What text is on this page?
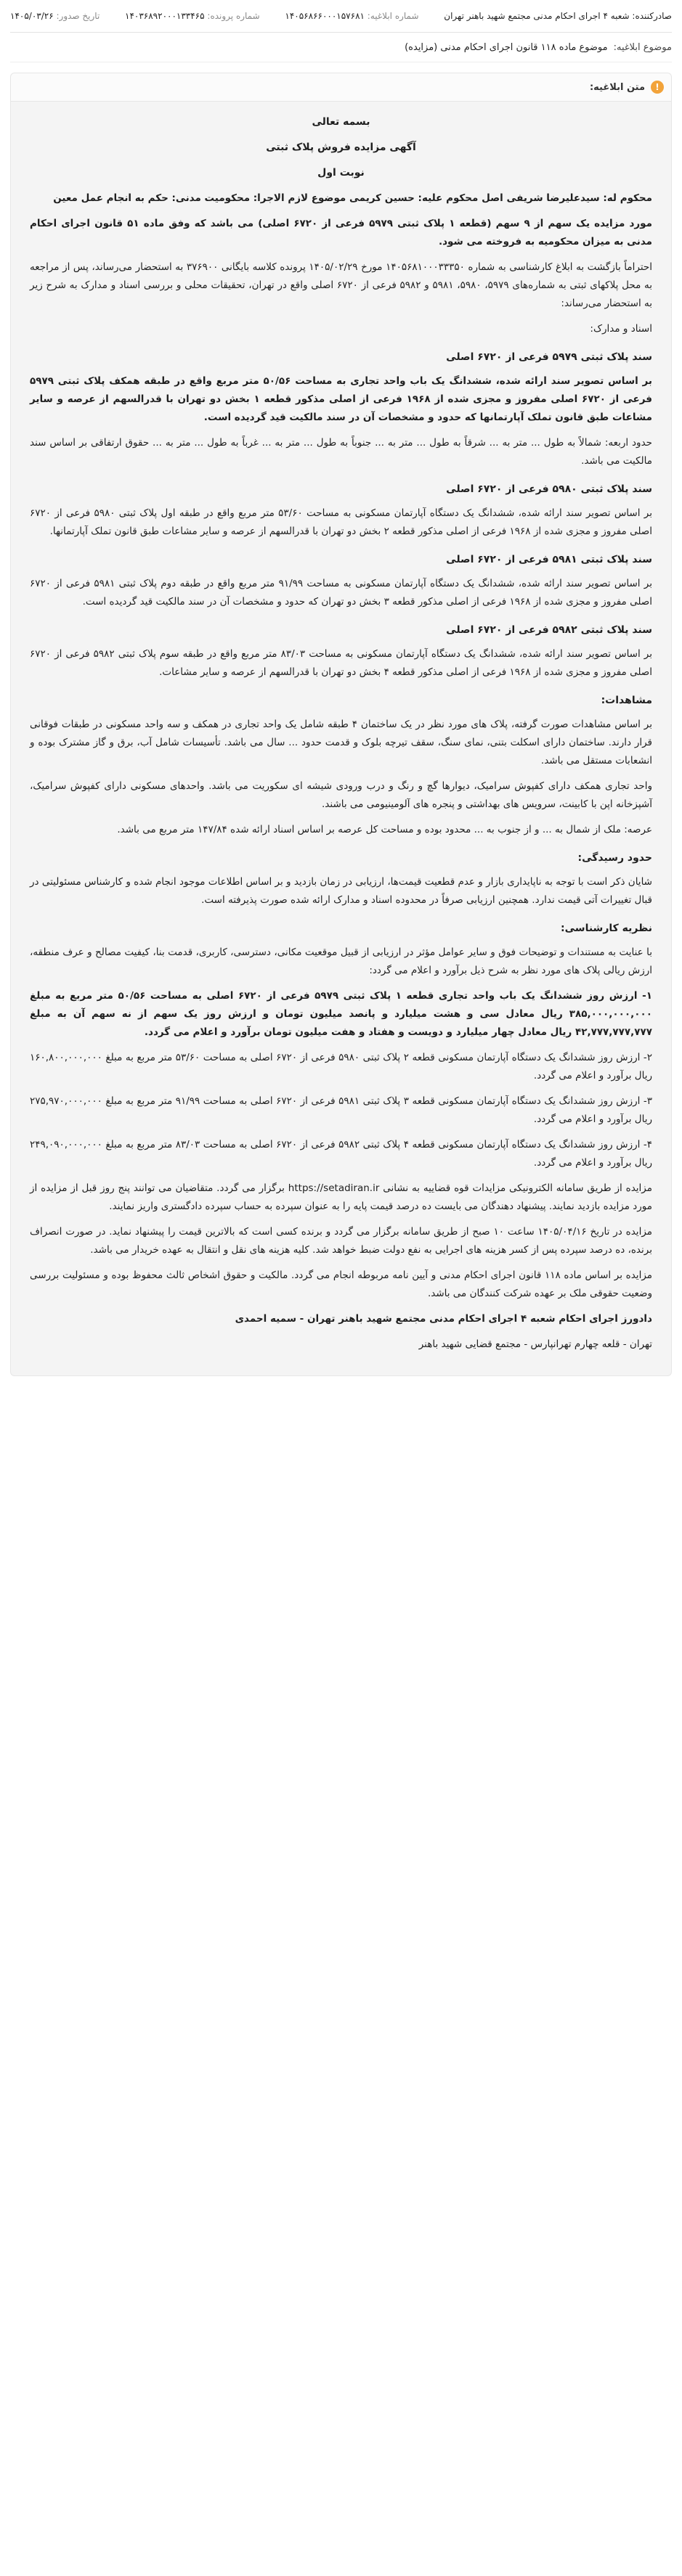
صادرکننده: شعبه ۴ اجرای احکام مدنی مجتمع شهید باهنر تهران
شماره ابلاغیه: ۱۴۰۵۶۸۶۶۰۰۰۱۵۷۶۸۱
شماره پرونده: ۱۴۰۳۶۸۹۲۰۰۰۱۳۳۴۶۵
تاریخ صدور: ۱۴۰۵/۰۳/۲۶
موضوع ابلاغیه:
موضوع ماده ۱۱۸ قانون اجرای احکام مدنی (مزایده)
!
متن ابلاغیه:

بسمه تعالی

آگهی مزایده فروش پلاک ثبتی

نوبت اول

محکوم له: سیدعلیرضا شریفی اصل محکوم علیه: حسین کریمی موضوع لازم الاجرا: محکومیت مدنی: حکم به انجام عمل معین

مورد مزایده یک سهم از ۹ سهم (قطعه ۱ پلاک ثبتی ۵۹۷۹ فرعی از ۶۷۲۰ اصلی) می باشد که وفق ماده ۵۱ قانون اجرای احکام مدنی به میزان محکومیه به فروخته می شود.

احتراماً بازگشت به ابلاغ کارشناسی به شماره ۱۴۰۵۶۸۱۰۰۰۳۳۳۵۰ مورخ ۱۴۰۵/۰۲/۲۹ پرونده کلاسه بایگانی ۳۷۶۹۰۰ به استحضار می‌رساند، پس از مراجعه به محل پلاکهای ثبتی به شماره‌های ۵۹۷۹، ۵۹۸۰، ۵۹۸۱ و ۵۹۸۲ فرعی از ۶۷۲۰ اصلی واقع در تهران، تحقیقات محلی و بررسی اسناد و مدارک به شرح زیر به استحضار می‌رساند:

اسناد و مدارک:

سند پلاک ثبتی ۵۹۷۹ فرعی از ۶۷۲۰ اصلی

بر اساس تصویر سند ارائه شده، ششدانگ یک باب واحد تجاری به مساحت ۵۰/۵۶ متر مربع واقع در طبقه همکف پلاک ثبتی ۵۹۷۹ فرعی از ۶۷۲۰ اصلی مفروز و مجزی شده از ۱۹۶۸ فرعی از اصلی مذکور قطعه ۱ بخش دو تهران با قدرالسهم از عرصه و سایر مشاعات طبق قانون تملک آپارتمانها که حدود و مشخصات آن در سند مالکیت قید گردیده است.

حدود اربعه: شمالاً به طول ... متر به ... شرقاً به طول ... متر به ... جنوباً به طول ... متر به ... غرباً به طول ... متر به ... حقوق ارتفاقی بر اساس سند مالکیت می باشد.

سند پلاک ثبتی ۵۹۸۰ فرعی از ۶۷۲۰ اصلی

بر اساس تصویر سند ارائه شده، ششدانگ یک دستگاه آپارتمان مسکونی به مساحت ۵۳/۶۰ متر مربع واقع در طبقه اول پلاک ثبتی ۵۹۸۰ فرعی از ۶۷۲۰ اصلی مفروز و مجزی شده از ۱۹۶۸ فرعی از اصلی مذکور قطعه ۲ بخش دو تهران با قدرالسهم از عرصه و سایر مشاعات طبق قانون تملک آپارتمانها.

سند پلاک ثبتی ۵۹۸۱ فرعی از ۶۷۲۰ اصلی

بر اساس تصویر سند ارائه شده، ششدانگ یک دستگاه آپارتمان مسکونی به مساحت ۹۱/۹۹ متر مربع واقع در طبقه دوم پلاک ثبتی ۵۹۸۱ فرعی از ۶۷۲۰ اصلی مفروز و مجزی شده از ۱۹۶۸ فرعی از اصلی مذکور قطعه ۳ بخش دو تهران که حدود و مشخصات آن در سند مالکیت قید گردیده است.

سند پلاک ثبتی ۵۹۸۲ فرعی از ۶۷۲۰ اصلی

بر اساس تصویر سند ارائه شده، ششدانگ یک دستگاه آپارتمان مسکونی به مساحت ۸۳/۰۳ متر مربع واقع در طبقه سوم پلاک ثبتی ۵۹۸۲ فرعی از ۶۷۲۰ اصلی مفروز و مجزی شده از ۱۹۶۸ فرعی از اصلی مذکور قطعه ۴ بخش دو تهران با قدرالسهم از عرصه و سایر مشاعات.

مشاهدات:

بر اساس مشاهدات صورت گرفته، پلاک های مورد نظر در یک ساختمان ۴ طبقه شامل یک واحد تجاری در همکف و سه واحد مسکونی در طبقات فوقانی قرار دارند. ساختمان دارای اسکلت بتنی، نمای سنگ، سقف تیرچه بلوک و قدمت حدود ... سال می باشد. تأسیسات شامل آب، برق و گاز مشترک بوده و انشعابات مستقل می باشد.

واحد تجاری همکف دارای کفپوش سرامیک، دیوارها گچ و رنگ و درب ورودی شیشه ای سکوریت می باشد. واحدهای مسکونی دارای کفپوش سرامیک، آشپزخانه اپن با کابینت، سرویس های بهداشتی و پنجره های آلومینیومی می باشند.

عرصه: ملک از شمال به ... و از جنوب به ... محدود بوده و مساحت کل عرصه بر اساس اسناد ارائه شده ۱۴۷/۸۴ متر مربع می باشد.

حدود رسیدگی:

شایان ذکر است با توجه به ناپایداری بازار و عدم قطعیت قیمت‌ها، ارزیابی در زمان بازدید و بر اساس اطلاعات موجود انجام شده و کارشناس مسئولیتی در قبال تغییرات آتی قیمت ندارد. همچنین ارزیابی صرفاً در محدوده اسناد و مدارک ارائه شده صورت پذیرفته است.

نظریه کارشناسی:

با عنایت به مستندات و توضیحات فوق و سایر عوامل مؤثر در ارزیابی از قبیل موقعیت مکانی، دسترسی، کاربری، قدمت بنا، کیفیت مصالح و عرف منطقه، ارزش ریالی پلاک های مورد نظر به شرح ذیل برآورد و اعلام می گردد:

۱- ارزش روز ششدانگ یک باب واحد تجاری قطعه ۱ پلاک ثبتی ۵۹۷۹ فرعی از ۶۷۲۰ اصلی به مساحت ۵۰/۵۶ متر مربع به مبلغ ۳۸۵,۰۰۰,۰۰۰,۰۰۰ ریال معادل سی و هشت میلیارد و پانصد میلیون تومان و ارزش روز یک سهم از نه سهم آن به مبلغ ۴۲,۷۷۷,۷۷۷,۷۷۷ ریال معادل چهار میلیارد و دویست و هفتاد و هفت میلیون تومان برآورد و اعلام می گردد.

۲- ارزش روز ششدانگ یک دستگاه آپارتمان مسکونی قطعه ۲ پلاک ثبتی ۵۹۸۰ فرعی از ۶۷۲۰ اصلی به مساحت ۵۳/۶۰ متر مربع به مبلغ ۱۶۰,۸۰۰,۰۰۰,۰۰۰ ریال برآورد و اعلام می گردد.

۳- ارزش روز ششدانگ یک دستگاه آپارتمان مسکونی قطعه ۳ پلاک ثبتی ۵۹۸۱ فرعی از ۶۷۲۰ اصلی به مساحت ۹۱/۹۹ متر مربع به مبلغ ۲۷۵,۹۷۰,۰۰۰,۰۰۰ ریال برآورد و اعلام می گردد.

۴- ارزش روز ششدانگ یک دستگاه آپارتمان مسکونی قطعه ۴ پلاک ثبتی ۵۹۸۲ فرعی از ۶۷۲۰ اصلی به مساحت ۸۳/۰۳ متر مربع به مبلغ ۲۴۹,۰۹۰,۰۰۰,۰۰۰ ریال برآورد و اعلام می گردد.

مزایده از طریق سامانه الکترونیکی مزایدات قوه قضاییه به نشانی https://setadiran.ir برگزار می گردد. متقاضیان می توانند پنج روز قبل از مزایده از مورد مزایده بازدید نمایند. پیشنهاد دهندگان می بایست ده درصد قیمت پایه را به عنوان سپرده به حساب سپرده دادگستری واریز نمایند.

مزایده در تاریخ ۱۴۰۵/۰۴/۱۶ ساعت ۱۰ صبح از طریق سامانه برگزار می گردد و برنده کسی است که بالاترین قیمت را پیشنهاد نماید. در صورت انصراف برنده، ده درصد سپرده پس از کسر هزینه های اجرایی به نفع دولت ضبط خواهد شد. کلیه هزینه های نقل و انتقال به عهده خریدار می باشد.

مزایده بر اساس ماده ۱۱۸ قانون اجرای احکام مدنی و آیین نامه مربوطه انجام می گردد. مالکیت و حقوق اشخاص ثالث محفوظ بوده و مسئولیت بررسی وضعیت حقوقی ملک بر عهده شرکت کنندگان می باشد.

دادورز اجرای احکام شعبه ۴ اجرای احکام مدنی مجتمع شهید باهنر تهران - سمیه احمدی

تهران - قلعه چهارم تهرانپارس - مجتمع قضایی شهید باهنر
